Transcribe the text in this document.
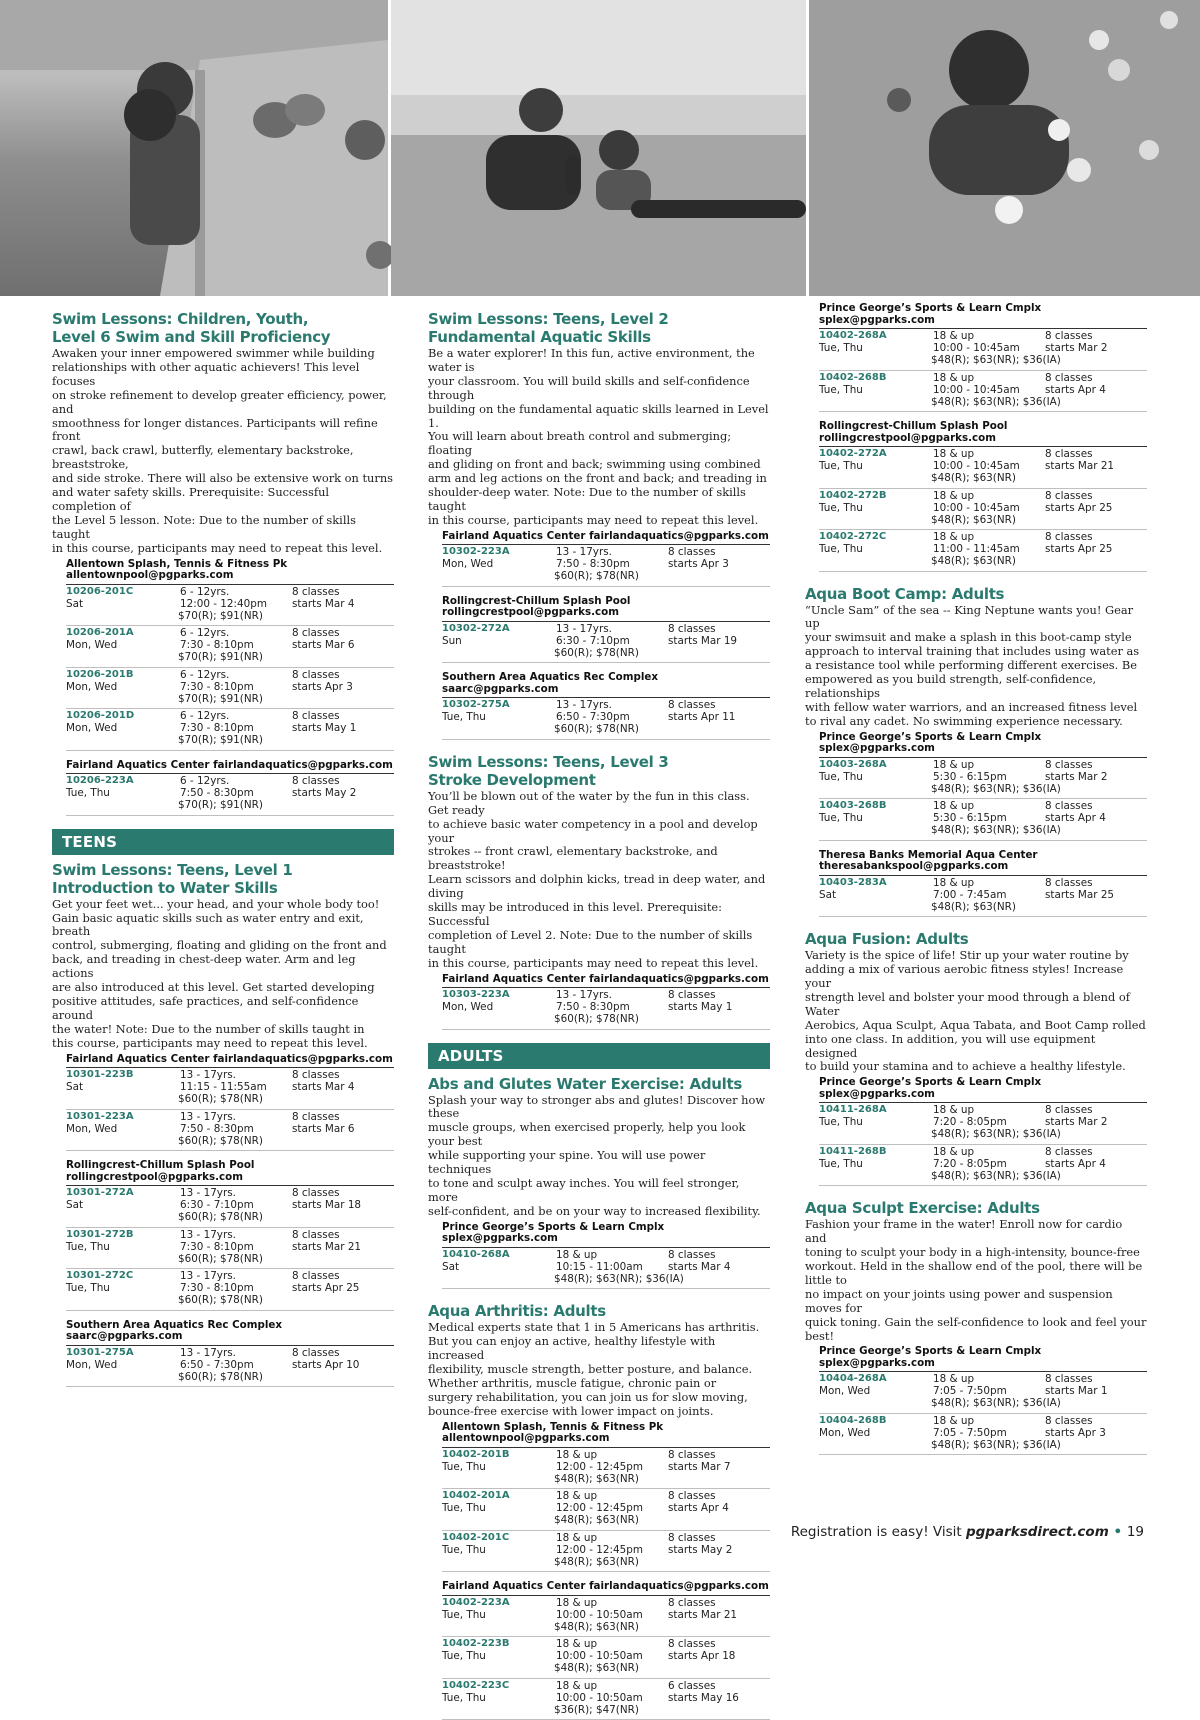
Swim Lessons: Children, Youth,
Level 6 Swim and Skill Proficiency
Awaken your inner empowered swimmer while building
relationships with other aquatic achievers! This level focuses
on stroke refinement to develop greater efficiency, power, and
smoothness for longer distances. Participants will refine front
crawl, back crawl, butterfly, elementary backstroke, breaststroke,
and side stroke. There will also be extensive work on turns
and water safety skills. Prerequisite: Successful completion of
the Level 5 lesson. Note: Due to the number of skills taught
in this course, participants may need to repeat this level.
Allentown Splash, Tennis & Fitness Pk
allentownpool@pgparks.com
10206-201C
Sat
6 - 12yrs.
12:00 - 12:40pm
$70(R); $91(NR)
8 classes
starts Mar 4
10206-201A
Mon, Wed
6 - 12yrs.
7:30 - 8:10pm
$70(R); $91(NR)
8 classes
starts Mar 6
10206-201B
Mon, Wed
6 - 12yrs.
7:30 - 8:10pm
$70(R); $91(NR)
8 classes
starts Apr 3
10206-201D
Mon, Wed
6 - 12yrs.
7:30 - 8:10pm
$70(R); $91(NR)
8 classes
starts May 1
Fairland Aquatics Center fairlandaquatics@pgparks.com
10206-223A
Tue, Thu
6 - 12yrs.
7:50 - 8:30pm
$70(R); $91(NR)
8 classes
starts May 2
TEENS
Swim Lessons: Teens, Level 1
Introduction to Water Skills
Get your feet wet... your head, and your whole body too!
Gain basic aquatic skills such as water entry and exit, breath
control, submerging, floating and gliding on the front and
back, and treading in chest-deep water. Arm and leg actions
are also introduced at this level. Get started developing
positive attitudes, safe practices, and self-confidence around
the water! Note: Due to the number of skills taught in
this course, participants may need to repeat this level.
Fairland Aquatics Center fairlandaquatics@pgparks.com
10301-223B
Sat
13 - 17yrs.
11:15 - 11:55am
$60(R); $78(NR)
8 classes
starts Mar 4
10301-223A
Mon, Wed
13 - 17yrs.
7:50 - 8:30pm
$60(R); $78(NR)
8 classes
starts Mar 6
Rollingcrest-Chillum Splash Pool
rollingcrestpool@pgparks.com
10301-272A
Sat
13 - 17yrs.
6:30 - 7:10pm
$60(R); $78(NR)
8 classes
starts Mar 18
10301-272B
Tue, Thu
13 - 17yrs.
7:30 - 8:10pm
$60(R); $78(NR)
8 classes
starts Mar 21
10301-272C
Tue, Thu
13 - 17yrs.
7:30 - 8:10pm
$60(R); $78(NR)
8 classes
starts Apr 25
Southern Area Aquatics Rec Complex
saarc@pgparks.com
10301-275A
Mon, Wed
13 - 17yrs.
6:50 - 7:30pm
$60(R); $78(NR)
8 classes
starts Apr 10
Swim Lessons: Teens, Level 2
Fundamental Aquatic Skills
Be a water explorer! In this fun, active environment, the water is
your classroom. You will build skills and self-confidence through
building on the fundamental aquatic skills learned in Level 1.
You will learn about breath control and submerging; floating
and gliding on front and back; swimming using combined
arm and leg actions on the front and back; and treading in
shoulder-deep water. Note: Due to the number of skills taught
in this course, participants may need to repeat this level.
Fairland Aquatics Center fairlandaquatics@pgparks.com
10302-223A
Mon, Wed
13 - 17yrs.
7:50 - 8:30pm
$60(R); $78(NR)
8 classes
starts Apr 3
Rollingcrest-Chillum Splash Pool
rollingcrestpool@pgparks.com
10302-272A
Sun
13 - 17yrs.
6:30 - 7:10pm
$60(R); $78(NR)
8 classes
starts Mar 19
Southern Area Aquatics Rec Complex
saarc@pgparks.com
10302-275A
Tue, Thu
13 - 17yrs.
6:50 - 7:30pm
$60(R); $78(NR)
8 classes
starts Apr 11
Swim Lessons: Teens, Level 3
Stroke Development
You’ll be blown out of the water by the fun in this class. Get ready
to achieve basic water competency in a pool and develop your
strokes -- front crawl, elementary backstroke, and breaststroke!
Learn scissors and dolphin kicks, tread in deep water, and diving
skills may be introduced in this level. Prerequisite: Successful
completion of Level 2. Note: Due to the number of skills taught
in this course, participants may need to repeat this level.
Fairland Aquatics Center fairlandaquatics@pgparks.com
10303-223A
Mon, Wed
13 - 17yrs.
7:50 - 8:30pm
$60(R); $78(NR)
8 classes
starts May 1
ADULTS
Abs and Glutes Water Exercise: Adults
Splash your way to stronger abs and glutes! Discover how these
muscle groups, when exercised properly, help you look your best
while supporting your spine. You will use power techniques
to tone and sculpt away inches. You will feel stronger, more
self-confident, and be on your way to increased flexibility.
Prince George’s Sports & Learn Cmplx
splex@pgparks.com
10410-268A
Sat
18 & up
10:15 - 11:00am
$48(R); $63(NR); $36(IA)
8 classes
starts Mar 4
Aqua Arthritis: Adults
Medical experts state that 1 in 5 Americans has arthritis.
But you can enjoy an active, healthy lifestyle with increased
flexibility, muscle strength, better posture, and balance.
Whether arthritis, muscle fatigue, chronic pain or
surgery rehabilitation, you can join us for slow moving,
bounce-free exercise with lower impact on joints.
Allentown Splash, Tennis & Fitness Pk
allentownpool@pgparks.com
10402-201B
Tue, Thu
18 & up
12:00 - 12:45pm
$48(R); $63(NR)
8 classes
starts Mar 7
10402-201A
Tue, Thu
18 & up
12:00 - 12:45pm
$48(R); $63(NR)
8 classes
starts Apr 4
10402-201C
Tue, Thu
18 & up
12:00 - 12:45pm
$48(R); $63(NR)
8 classes
starts May 2
Fairland Aquatics Center fairlandaquatics@pgparks.com
10402-223A
Tue, Thu
18 & up
10:00 - 10:50am
$48(R); $63(NR)
8 classes
starts Mar 21
10402-223B
Tue, Thu
18 & up
10:00 - 10:50am
$48(R); $63(NR)
8 classes
starts Apr 18
10402-223C
Tue, Thu
18 & up
10:00 - 10:50am
$36(R); $47(NR)
6 classes
starts May 16
Prince George’s Sports & Learn Cmplx
splex@pgparks.com
10402-268A
Tue, Thu
18 & up
10:00 - 10:45am
$48(R); $63(NR); $36(IA)
8 classes
starts Mar 2
10402-268B
Tue, Thu
18 & up
10:00 - 10:45am
$48(R); $63(NR); $36(IA)
8 classes
starts Apr 4
Rollingcrest-Chillum Splash Pool
rollingcrestpool@pgparks.com
10402-272A
Tue, Thu
18 & up
10:00 - 10:45am
$48(R); $63(NR)
8 classes
starts Mar 21
10402-272B
Tue, Thu
18 & up
10:00 - 10:45am
$48(R); $63(NR)
8 classes
starts Apr 25
10402-272C
Tue, Thu
18 & up
11:00 - 11:45am
$48(R); $63(NR)
8 classes
starts Apr 25
Aqua Boot Camp: Adults
“Uncle Sam” of the sea -- King Neptune wants you! Gear up
your swimsuit and make a splash in this boot-camp style
approach to interval training that includes using water as
a resistance tool while performing different exercises. Be
empowered as you build strength, self-confidence, relationships
with fellow water warriors, and an increased fitness level
to rival any cadet. No swimming experience necessary.
Prince George’s Sports & Learn Cmplx
splex@pgparks.com
10403-268A
Tue, Thu
18 & up
5:30 - 6:15pm
$48(R); $63(NR); $36(IA)
8 classes
starts Mar 2
10403-268B
Tue, Thu
18 & up
5:30 - 6:15pm
$48(R); $63(NR); $36(IA)
8 classes
starts Apr 4
Theresa Banks Memorial Aqua Center
theresabankspool@pgparks.com
10403-283A
Sat
18 & up
7:00 - 7:45am
$48(R); $63(NR)
8 classes
starts Mar 25
Aqua Fusion: Adults
Variety is the spice of life! Stir up your water routine by
adding a mix of various aerobic fitness styles! Increase your
strength level and bolster your mood through a blend of Water
Aerobics, Aqua Sculpt, Aqua Tabata, and Boot Camp rolled
into one class. In addition, you will use equipment designed
to build your stamina and to achieve a healthy lifestyle.
Prince George’s Sports & Learn Cmplx
splex@pgparks.com
10411-268A
Tue, Thu
18 & up
7:20 - 8:05pm
$48(R); $63(NR); $36(IA)
8 classes
starts Mar 2
10411-268B
Tue, Thu
18 & up
7:20 - 8:05pm
$48(R); $63(NR); $36(IA)
8 classes
starts Apr 4
Aqua Sculpt Exercise: Adults
Fashion your frame in the water! Enroll now for cardio and
toning to sculpt your body in a high-intensity, bounce-free
workout. Held in the shallow end of the pool, there will be little to
no impact on your joints using power and suspension moves for
quick toning. Gain the self-confidence to look and feel your best!
Prince George’s Sports & Learn Cmplx
splex@pgparks.com
10404-268A
Mon, Wed
18 & up
7:05 - 7:50pm
$48(R); $63(NR); $36(IA)
8 classes
starts Mar 1
10404-268B
Mon, Wed
18 & up
7:05 - 7:50pm
$48(R); $63(NR); $36(IA)
8 classes
starts Apr 3
Registration is easy! Visit pgparksdirect.com • 19
